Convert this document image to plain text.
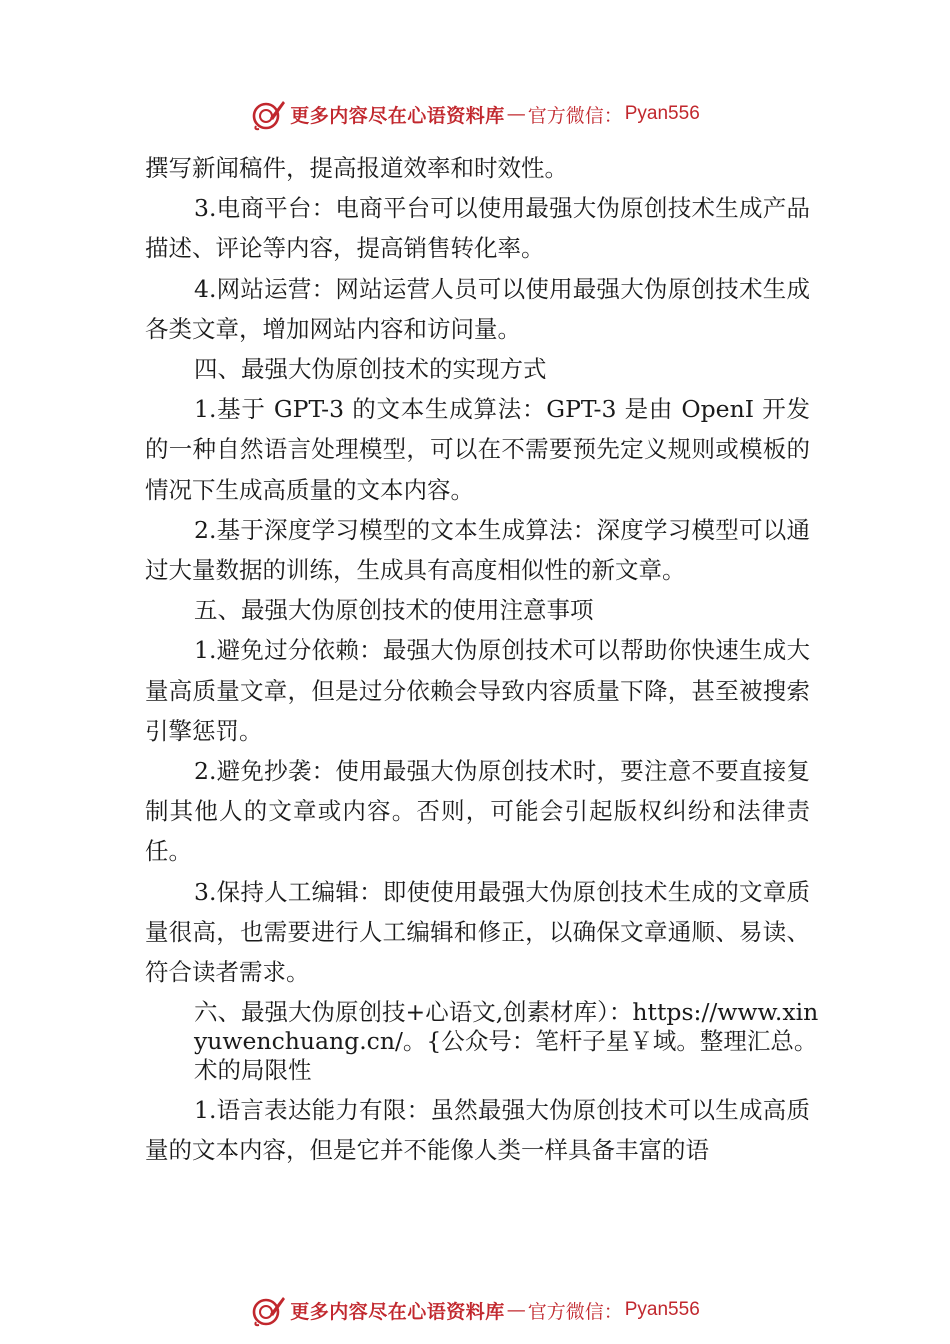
更多内容尽在心语资料库 — 官方微信： Pyan556

撰写新闻稿件，提高报道效率和时效性。

3.电商平台：电商平台可以使用最强大伪原创技术生成产品描述、评论等内容，提高销售转化率。

4.网站运营：网站运营人员可以使用最强大伪原创技术生成各类文章，增加网站内容和访问量。

四、最强大伪原创技术的实现方式

1.基于 GPT-3 的文本生成算法：GPT-3 是由 OpenI 开发的一种自然语言处理模型，可以在不需要预先定义规则或模板的情况下生成高质量的文本内容。

2.基于深度学习模型的文本生成算法：深度学习模型可以通过大量数据的训练，生成具有高度相似性的新文章。

五、最强大伪原创技术的使用注意事项

1.避免过分依赖：最强大伪原创技术可以帮助你快速生成大量高质量文章，但是过分依赖会导致内容质量下降，甚至被搜索引擎惩罚。

2.避免抄袭：使用最强大伪原创技术时，要注意不要直接复制其他人的文章或内容。否则，可能会引起版权纠纷和法律责任。

3.保持人工编辑：即使使用最强大伪原创技术生成的文章质量很高，也需要进行人工编辑和修正，以确保文章通顺、易读、符合读者需求。

六、最强大伪原创技+心语文,创素材库）：https://www.xinyuwenchuang.cn/。{公众号：笔杆子星￥域。整理汇总。术的局限性

1.语言表达能力有限：虽然最强大伪原创技术可以生成高质量的文本内容，但是它并不能像人类一样具备丰富的语

更多内容尽在心语资料库 — 官方微信： Pyan556
